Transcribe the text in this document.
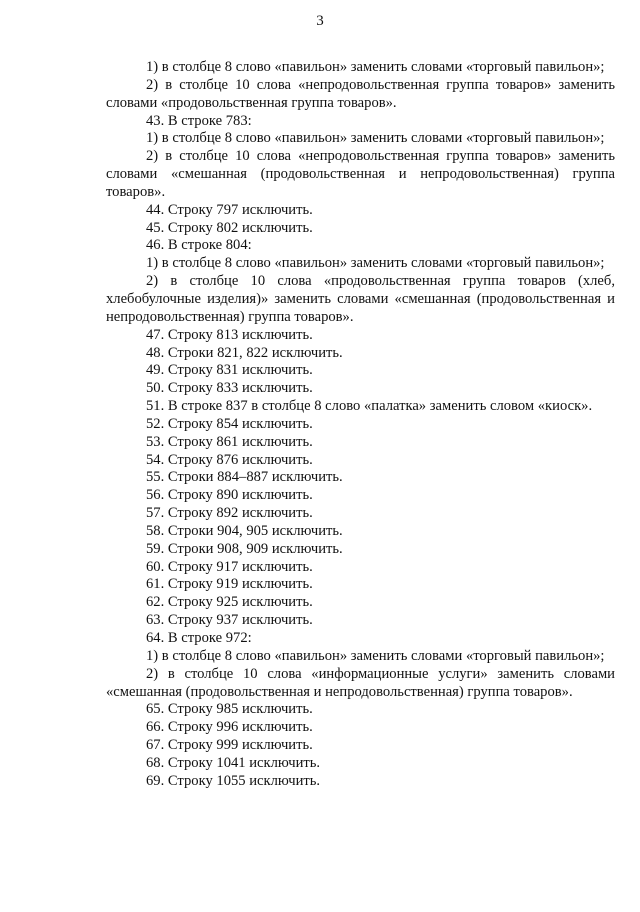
3

1) в столбце 8 слово «павильон» заменить словами «торговый павильон»;

2) в столбце 10 слова «непродовольственная группа товаров» заменить словами «продовольственная группа товаров».

43. В строке 783:

1) в столбце 8 слово «павильон» заменить словами «торговый павильон»;

2) в столбце 10 слова «непродовольственная группа товаров» заменить словами «смешанная (продовольственная и непродовольственная) группа товаров».

44. Строку 797 исключить.

45. Строку 802 исключить.

46. В строке 804:

1) в столбце 8 слово «павильон» заменить словами «торговый павильон»;

2) в столбце 10 слова «продовольственная группа товаров (хлеб, хлебобулочные изделия)» заменить словами «смешанная (продовольственная и непродовольственная) группа товаров».

47. Строку 813 исключить.

48. Строки 821, 822 исключить.

49. Строку 831 исключить.

50. Строку 833 исключить.

51. В строке 837 в столбце 8 слово «палатка» заменить словом «киоск».

52. Строку 854 исключить.

53. Строку 861 исключить.

54. Строку 876 исключить.

55. Строки 884–887 исключить.

56. Строку 890 исключить.

57. Строку 892 исключить.

58. Строки 904, 905 исключить.

59. Строки 908, 909 исключить.

60. Строку 917 исключить.

61. Строку 919 исключить.

62. Строку 925 исключить.

63. Строку 937 исключить.

64. В строке 972:

1) в столбце 8 слово «павильон» заменить словами «торговый павильон»;

2) в столбце 10 слова «информационные услуги» заменить словами «смешанная (продовольственная и непродовольственная) группа товаров».

65. Строку 985 исключить.

66. Строку 996 исключить.

67. Строку 999 исключить.

68. Строку 1041 исключить.

69. Строку 1055 исключить.
